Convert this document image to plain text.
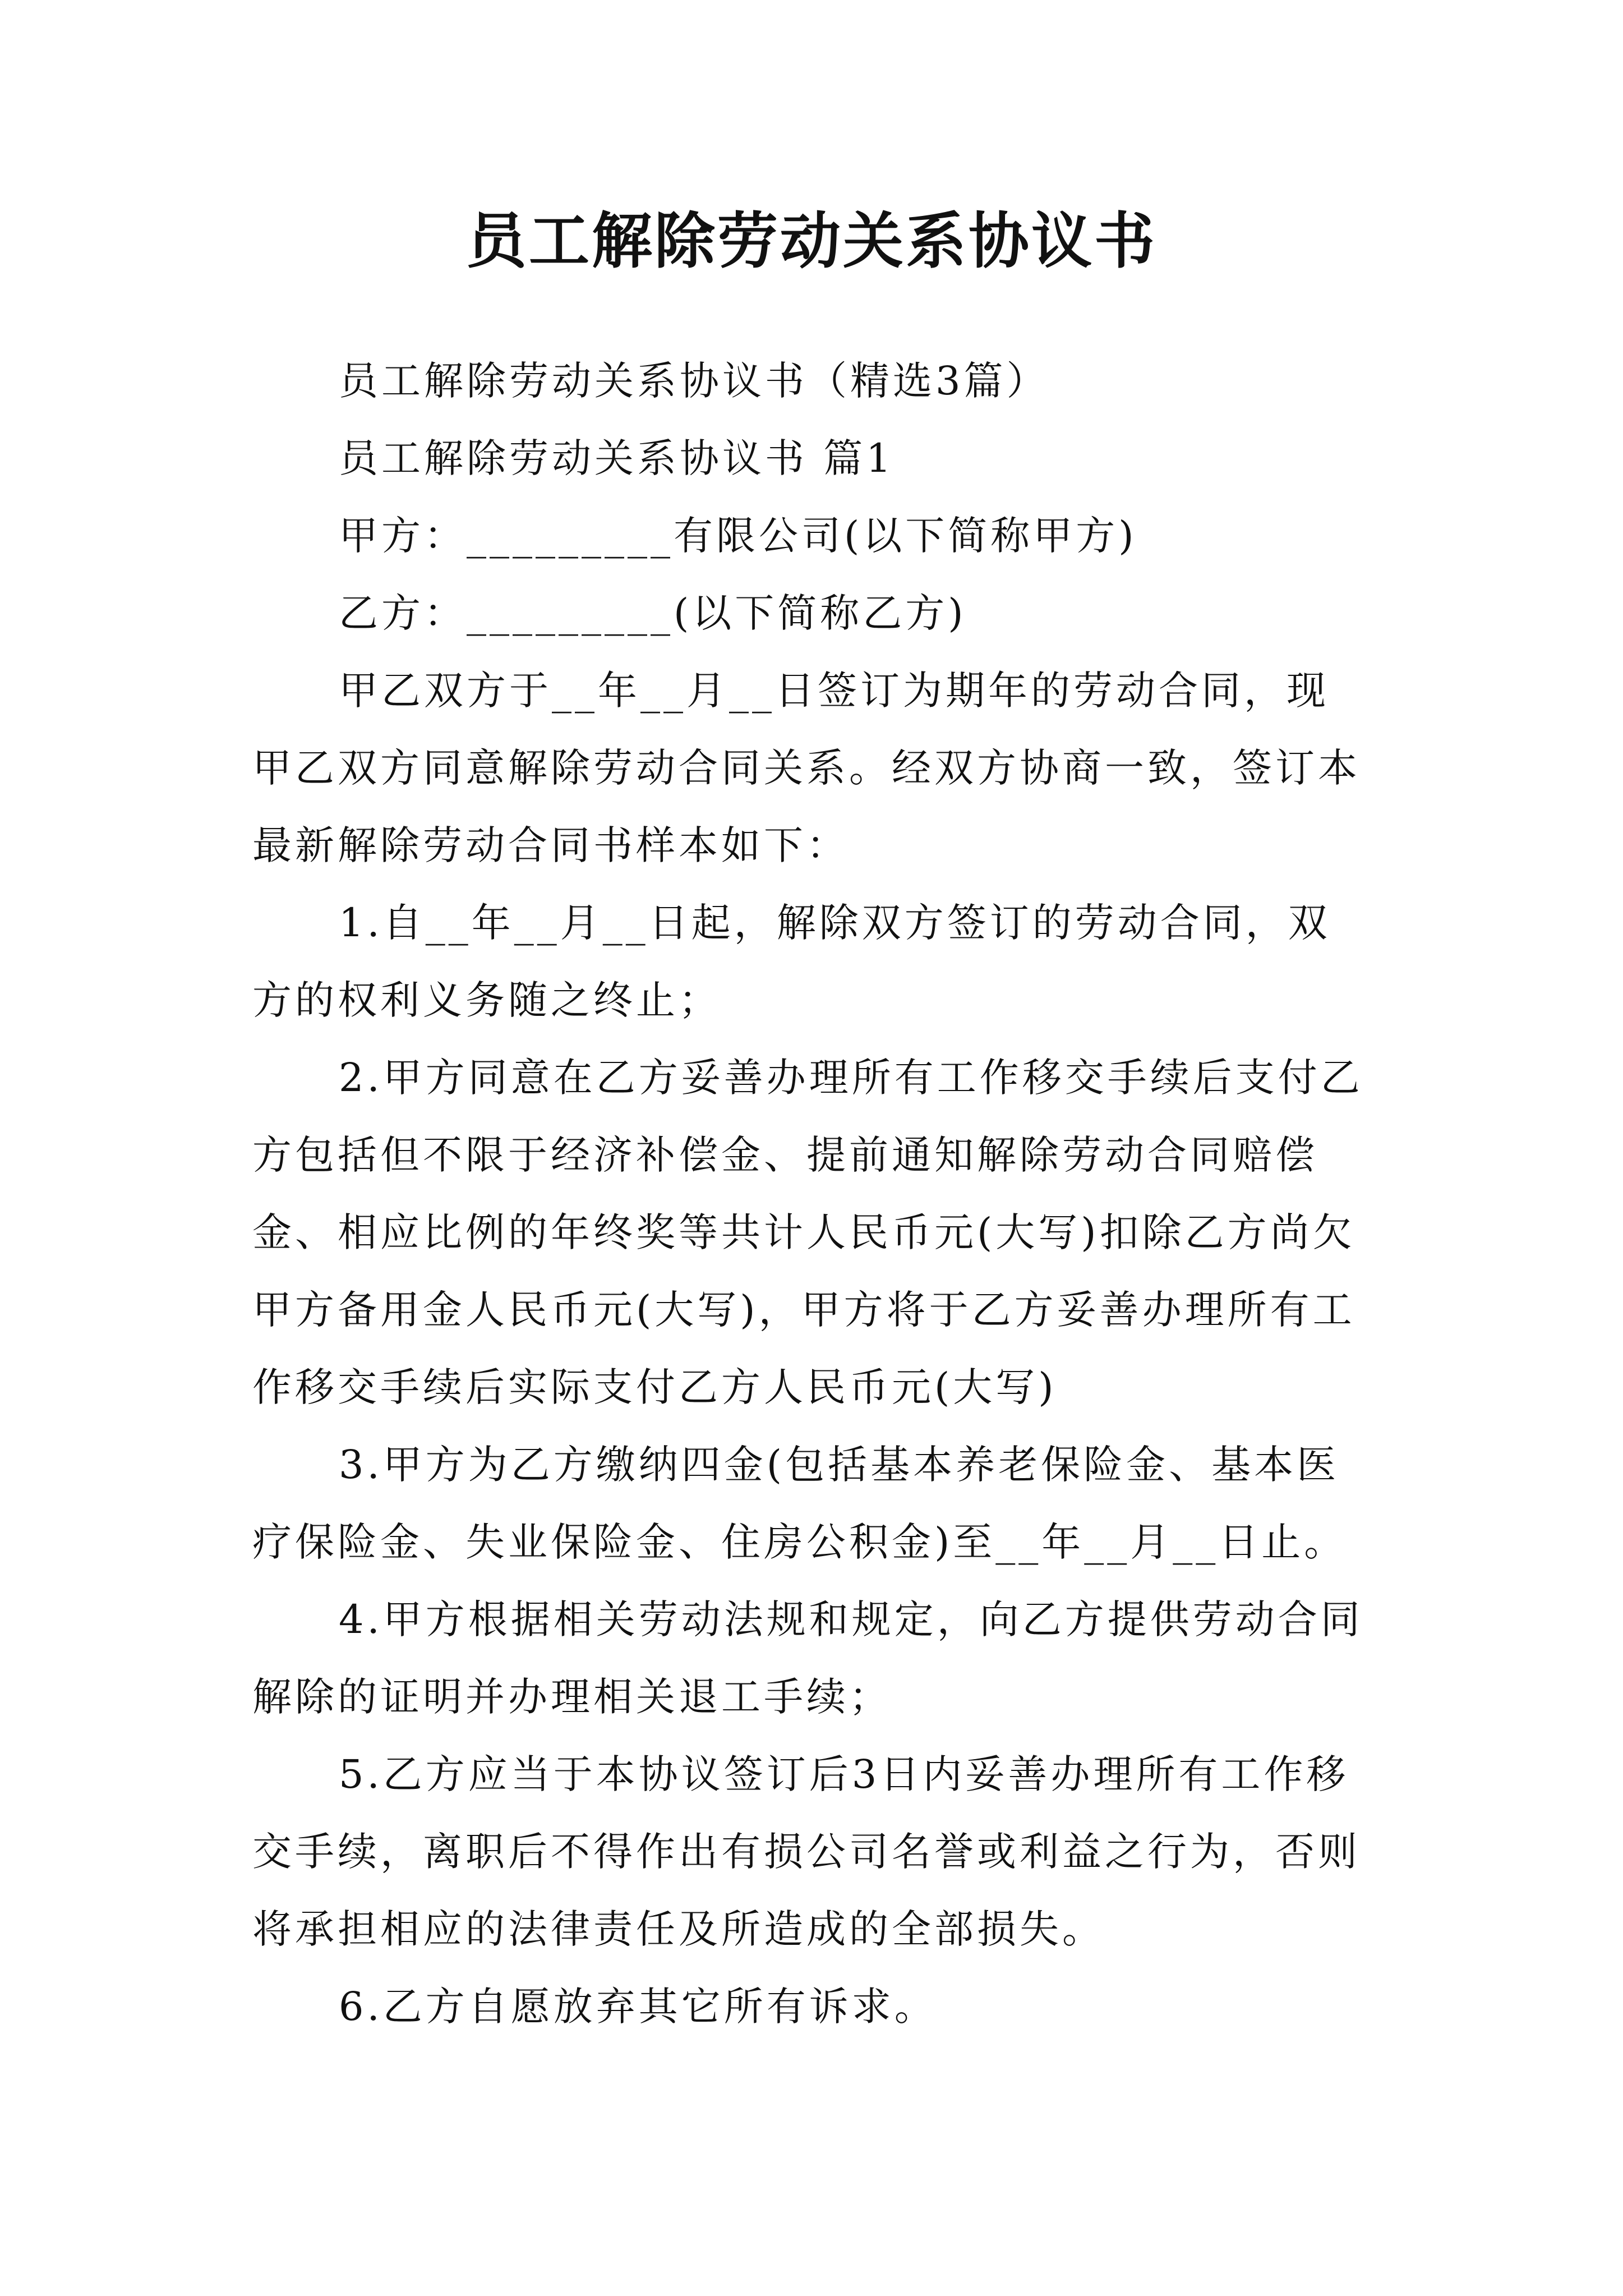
员工解除劳动关系协议书

员工解除劳动关系协议书（精选3篇）

员工解除劳动关系协议书 篇1

甲方：_________有限公司(以下简称甲方)

乙方：_________(以下简称乙方)

甲乙双方于__年__月__日签订为期年的劳动合同，现甲乙双方同意解除劳动合同关系。经双方协商一致，签订本最新解除劳动合同书样本如下：

1.自__年__月__日起，解除双方签订的劳动合同，双方的权利义务随之终止；

2.甲方同意在乙方妥善办理所有工作移交手续后支付乙方包括但不限于经济补偿金、提前通知解除劳动合同赔偿金、相应比例的年终奖等共计人民币元(大写)扣除乙方尚欠甲方备用金人民币元(大写)，甲方将于乙方妥善办理所有工作移交手续后实际支付乙方人民币元(大写)

3.甲方为乙方缴纳四金(包括基本养老保险金、基本医疗保险金、失业保险金、住房公积金)至__年__月__日止。

4.甲方根据相关劳动法规和规定，向乙方提供劳动合同解除的证明并办理相关退工手续；

5.乙方应当于本协议签订后3日内妥善办理所有工作移交手续，离职后不得作出有损公司名誉或利益之行为，否则将承担相应的法律责任及所造成的全部损失。

6.乙方自愿放弃其它所有诉求。
